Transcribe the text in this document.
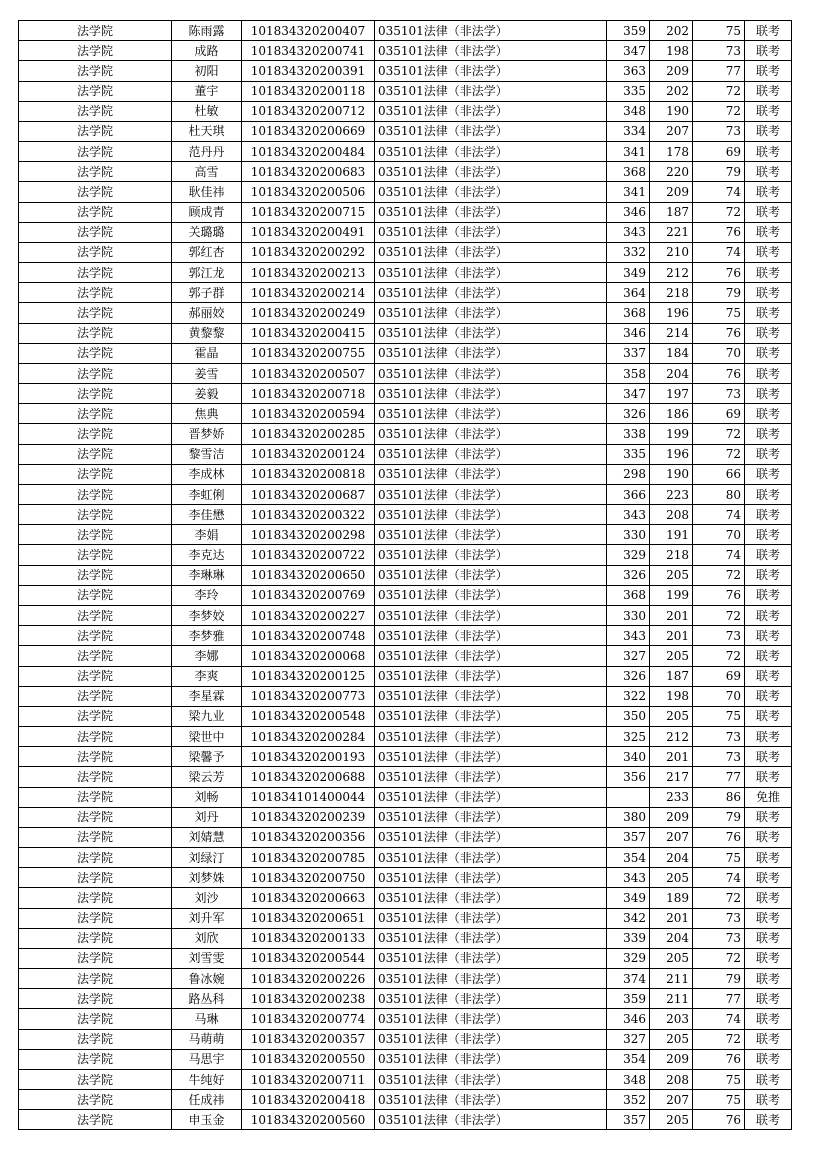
法学院	陈雨露	101834320200407	035101法律（非法学）	359	202	75	联考
法学院	成路	101834320200741	035101法律（非法学）	347	198	73	联考
法学院	初阳	101834320200391	035101法律（非法学）	363	209	77	联考
法学院	董宇	101834320200118	035101法律（非法学）	335	202	72	联考
法学院	杜敏	101834320200712	035101法律（非法学）	348	190	72	联考
法学院	杜天琪	101834320200669	035101法律（非法学）	334	207	73	联考
法学院	范丹丹	101834320200484	035101法律（非法学）	341	178	69	联考
法学院	高雪	101834320200683	035101法律（非法学）	368	220	79	联考
法学院	耿佳祎	101834320200506	035101法律（非法学）	341	209	74	联考
法学院	顾成青	101834320200715	035101法律（非法学）	346	187	72	联考
法学院	关璐璐	101834320200491	035101法律（非法学）	343	221	76	联考
法学院	郭红杏	101834320200292	035101法律（非法学）	332	210	74	联考
法学院	郭江龙	101834320200213	035101法律（非法学）	349	212	76	联考
法学院	郭子群	101834320200214	035101法律（非法学）	364	218	79	联考
法学院	郝丽姣	101834320200249	035101法律（非法学）	368	196	75	联考
法学院	黄黎黎	101834320200415	035101法律（非法学）	346	214	76	联考
法学院	霍晶	101834320200755	035101法律（非法学）	337	184	70	联考
法学院	姜雪	101834320200507	035101法律（非法学）	358	204	76	联考
法学院	姜毅	101834320200718	035101法律（非法学）	347	197	73	联考
法学院	焦典	101834320200594	035101法律（非法学）	326	186	69	联考
法学院	晋梦娇	101834320200285	035101法律（非法学）	338	199	72	联考
法学院	黎雪洁	101834320200124	035101法律（非法学）	335	196	72	联考
法学院	李成林	101834320200818	035101法律（非法学）	298	190	66	联考
法学院	李虹俐	101834320200687	035101法律（非法学）	366	223	80	联考
法学院	李佳懋	101834320200322	035101法律（非法学）	343	208	74	联考
法学院	李娟	101834320200298	035101法律（非法学）	330	191	70	联考
法学院	李克达	101834320200722	035101法律（非法学）	329	218	74	联考
法学院	李琳琳	101834320200650	035101法律（非法学）	326	205	72	联考
法学院	李玲	101834320200769	035101法律（非法学）	368	199	76	联考
法学院	李梦姣	101834320200227	035101法律（非法学）	330	201	72	联考
法学院	李梦雅	101834320200748	035101法律（非法学）	343	201	73	联考
法学院	李娜	101834320200068	035101法律（非法学）	327	205	72	联考
法学院	李爽	101834320200125	035101法律（非法学）	326	187	69	联考
法学院	李星霖	101834320200773	035101法律（非法学）	322	198	70	联考
法学院	梁九业	101834320200548	035101法律（非法学）	350	205	75	联考
法学院	梁世中	101834320200284	035101法律（非法学）	325	212	73	联考
法学院	梁馨予	101834320200193	035101法律（非法学）	340	201	73	联考
法学院	梁云芳	101834320200688	035101法律（非法学）	356	217	77	联考
法学院	刘畅	101834101400044	035101法律（非法学）		233	86	免推
法学院	刘丹	101834320200239	035101法律（非法学）	380	209	79	联考
法学院	刘婧慧	101834320200356	035101法律（非法学）	357	207	76	联考
法学院	刘绿汀	101834320200785	035101法律（非法学）	354	204	75	联考
法学院	刘梦姝	101834320200750	035101法律（非法学）	343	205	74	联考
法学院	刘沙	101834320200663	035101法律（非法学）	349	189	72	联考
法学院	刘升军	101834320200651	035101法律（非法学）	342	201	73	联考
法学院	刘欣	101834320200133	035101法律（非法学）	339	204	73	联考
法学院	刘雪雯	101834320200544	035101法律（非法学）	329	205	72	联考
法学院	鲁冰婉	101834320200226	035101法律（非法学）	374	211	79	联考
法学院	路丛科	101834320200238	035101法律（非法学）	359	211	77	联考
法学院	马琳	101834320200774	035101法律（非法学）	346	203	74	联考
法学院	马萌萌	101834320200357	035101法律（非法学）	327	205	72	联考
法学院	马思宇	101834320200550	035101法律（非法学）	354	209	76	联考
法学院	牛纯好	101834320200711	035101法律（非法学）	348	208	75	联考
法学院	任成祎	101834320200418	035101法律（非法学）	352	207	75	联考
法学院	申玉金	101834320200560	035101法律（非法学）	357	205	76	联考
